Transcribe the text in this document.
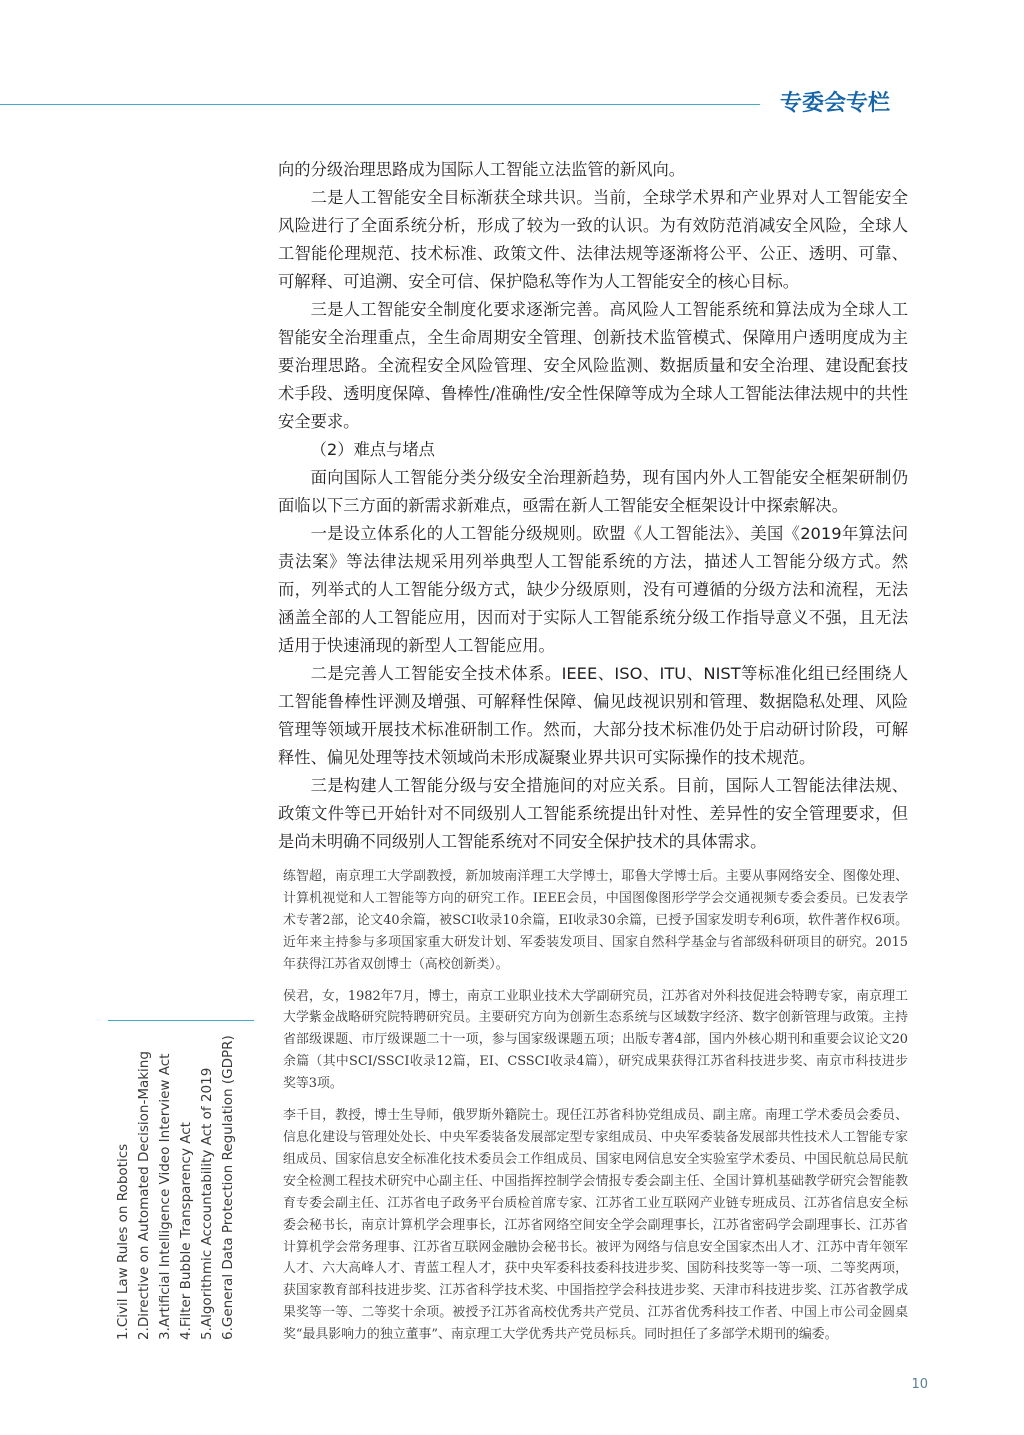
专委会专栏

向的分级治理思路成为国际人工智能立法监管的新风向。

二是人工智能安全目标渐获全球共识。当前，全球学术界和产业界对人工智能安全风险进行了全面系统分析，形成了较为一致的认识。为有效防范消减安全风险，全球人工智能伦理规范、技术标准、政策文件、法律法规等逐渐将公平、公正、透明、可靠、可解释、可追溯、安全可信、保护隐私等作为人工智能安全的核心目标。

三是人工智能安全制度化要求逐渐完善。高风险人工智能系统和算法成为全球人工智能安全治理重点，全生命周期安全管理、创新技术监管模式、保障用户透明度成为主要治理思路。全流程安全风险管理、安全风险监测、数据质量和安全治理、建设配套技术手段、透明度保障、鲁棒性/准确性/安全性保障等成为全球人工智能法律法规中的共性安全要求。

（2）难点与堵点

面向国际人工智能分类分级安全治理新趋势，现有国内外人工智能安全框架研制仍面临以下三方面的新需求新难点，亟需在新人工智能安全框架设计中探索解决。

一是设立体系化的人工智能分级规则。欧盟《人工智能法》、美国《2019年算法问责法案》等法律法规采用列举典型人工智能系统的方法，描述人工智能分级方式。然而，列举式的人工智能分级方式，缺少分级原则，没有可遵循的分级方法和流程，无法涵盖全部的人工智能应用，因而对于实际人工智能系统分级工作指导意义不强，且无法适用于快速涌现的新型人工智能应用。

二是完善人工智能安全技术体系。IEEE、ISO、ITU、NIST等标准化组已经围绕人工智能鲁棒性评测及增强、可解释性保障、偏见歧视识别和管理、数据隐私处理、风险管理等领域开展技术标准研制工作。然而，大部分技术标准仍处于启动研讨阶段，可解释性、偏见处理等技术领域尚未形成凝聚业界共识可实际操作的技术规范。

三是构建人工智能分级与安全措施间的对应关系。目前，国际人工智能法律法规、政策文件等已开始针对不同级别人工智能系统提出针对性、差异性的安全管理要求，但是尚未明确不同级别人工智能系统对不同安全保护技术的具体需求。

练智超，南京理工大学副教授，新加坡南洋理工大学博士，耶鲁大学博士后。主要从事网络安全、图像处理、计算机视觉和人工智能等方向的研究工作。IEEE会员，中国图像图形学学会交通视频专委会委员。已发表学术专著2部，论文40余篇，被SCI收录10余篇，EI收录30余篇，已授予国家发明专利6项，软件著作权6项。近年来主持参与多项国家重大研发计划、军委装发项目、国家自然科学基金与省部级科研项目的研究。2015年获得江苏省双创博士（高校创新类）。

侯君，女，1982年7月，博士，南京工业职业技术大学副研究员，江苏省对外科技促进会特聘专家，南京理工大学紫金战略研究院特聘研究员。主要研究方向为创新生态系统与区域数字经济、数字创新管理与政策。主持省部级课题、市厅级课题二十一项，参与国家级课题五项；出版专著4部，国内外核心期刊和重要会议论文20余篇（其中SCI/SSCI收录12篇，EI、CSSCI收录4篇），研究成果获得江苏省科技进步奖、南京市科技进步奖等3项。

李千目，教授，博士生导师，俄罗斯外籍院士。现任江苏省科协党组成员、副主席。南理工学术委员会委员、信息化建设与管理处处长、中央军委装备发展部定型专家组成员、中央军委装备发展部共性技术人工智能专家组成员、国家信息安全标准化技术委员会工作组成员、国家电网信息安全实验室学术委员、中国民航总局民航安全检测工程技术研究中心副主任、中国指挥控制学会情报专委会副主任、全国计算机基础教学研究会智能教育专委会副主任、江苏省电子政务平台质检首席专家、江苏省工业互联网产业链专班成员、江苏省信息安全标委会秘书长，南京计算机学会理事长，江苏省网络空间安全学会副理事长，江苏省密码学会副理事长、江苏省计算机学会常务理事、江苏省互联网金融协会秘书长。被评为网络与信息安全国家杰出人才、江苏中青年领军人才、六大高峰人才、青蓝工程人才，获中央军委科技委科技进步奖、国防科技奖等一等一项、二等奖两项，获国家教育部科技进步奖、江苏省科学技术奖、中国指控学会科技进步奖、天津市科技进步奖、江苏省教学成果奖等一等、二等奖十余项。被授予江苏省高校优秀共产党员、江苏省优秀科技工作者、中国上市公司金圆桌奖“最具影响力的独立董事”、南京理工大学优秀共产党员标兵。同时担任了多部学术期刊的编委。

1.Civil Law Rules on Robotics 2.Directive on Automated Decision-Making 3.Artificial Intelligence Video Interview Act 4.Filter Bubble Transparency Act 5.Algorithmic Accountability Act of 2019 6.General Data Protection Regulation (GDPR)
10
